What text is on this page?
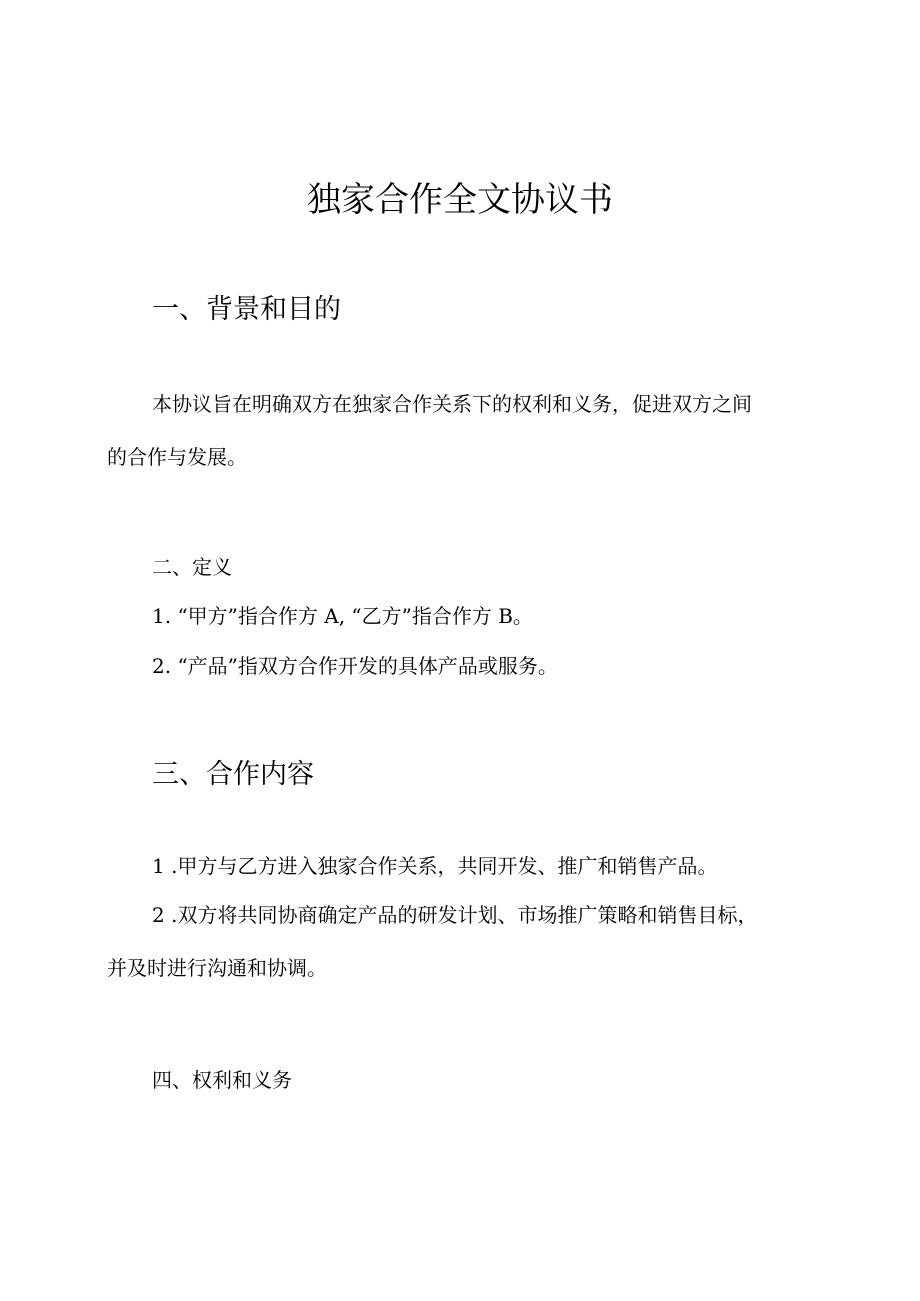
独家合作全文协议书
一、背景和目的
本协议旨在明确双方在独家合作关系下的权利和义务，促进双方之间
的合作与发展。
二、定义
1. “甲方”指合作方 A, “乙方”指合作方 B。
2. “产品”指双方合作开发的具体产品或服务。
三、合作内容
1 .甲方与乙方进入独家合作关系，共同开发、推广和销售产品。
2 .双方将共同协商确定产品的研发计划、市场推广策略和销售目标，
并及时进行沟通和协调。
四、权利和义务
